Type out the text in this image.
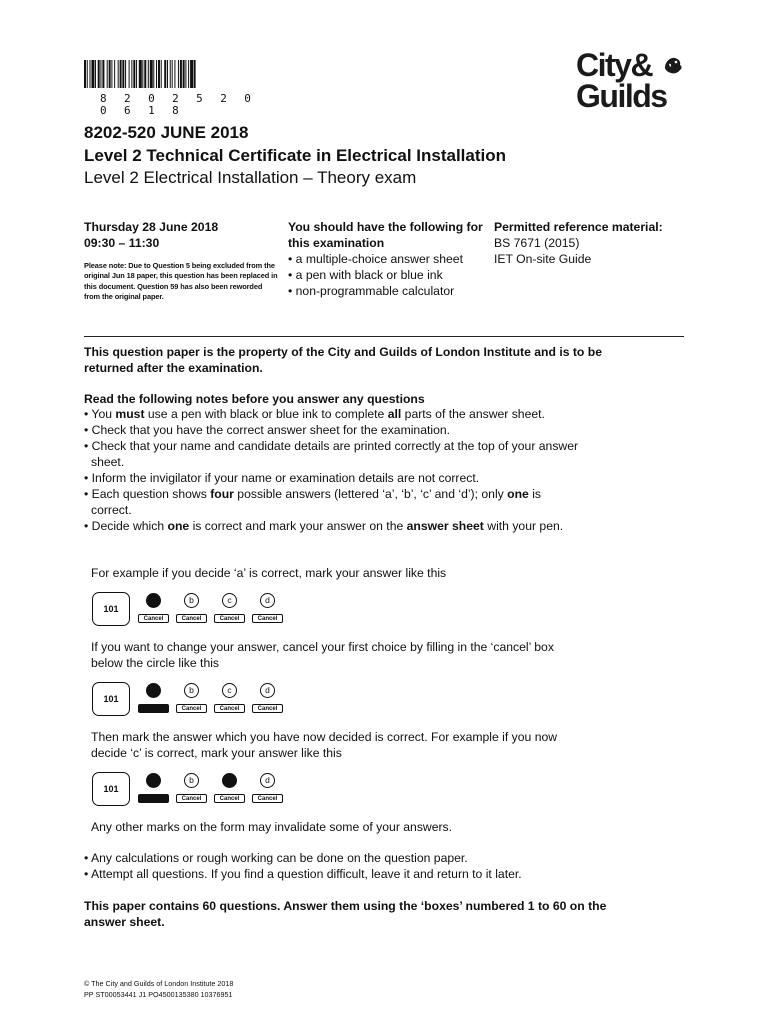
8 2 0 2 5 2 0 0 6 1 8
City&
Guilds
8202-520 JUNE 2018
Level 2 Technical Certificate in Electrical Installation
Level 2 Electrical Installation – Theory exam
Thursday 28 June 2018
09:30 – 11:30
Please note: Due to Question 5 being excluded from the original Jun 18 paper, this question has been replaced in this document. Question 59 has also been reworded from the original paper.
You should have the following for this examination
• a multiple-choice answer sheet
• a pen with black or blue ink
• non-programmable calculator
Permitted reference material:
BS 7671 (2015)
IET On-site Guide
This question paper is the property of the City and Guilds of London Institute and is to be returned after the examination.
Read the following notes before you answer any questions
• You must use a pen with black or blue ink to complete all parts of the answer sheet.
• Check that you have the correct answer sheet for the examination.
• Check that your name and candidate details are printed correctly at the top of your answer sheet.
• Inform the invigilator if your name or examination details are not correct.
• Each question shows four possible answers (lettered ‘a’, ‘b’, ‘c’ and ‘d’); only one is correct.
• Decide which one is correct and mark your answer on the answer sheet with your pen.
For example if you decide ‘a’ is correct, mark your answer like this
101
Cancel
b
Cancel
c
Cancel
d
Cancel
If you want to change your answer, cancel your first choice by filling in the ‘cancel’ box below the circle like this
101
Cancel
b
Cancel
c
Cancel
d
Cancel
Then mark the answer which you have now decided is correct. For example if you now decide ‘c’ is correct, mark your answer like this
101
Cancel
b
Cancel	Cancel
d
Cancel
Any other marks on the form may invalidate some of your answers.
• Any calculations or rough working can be done on the question paper.
• Attempt all questions. If you find a question difficult, leave it and return to it later.
This paper contains 60 questions. Answer them using the ‘boxes’ numbered 1 to 60 on the answer sheet.
© The City and Guilds of London Institute 2018
PP ST00053441 J1 PO4500135380 10376951
